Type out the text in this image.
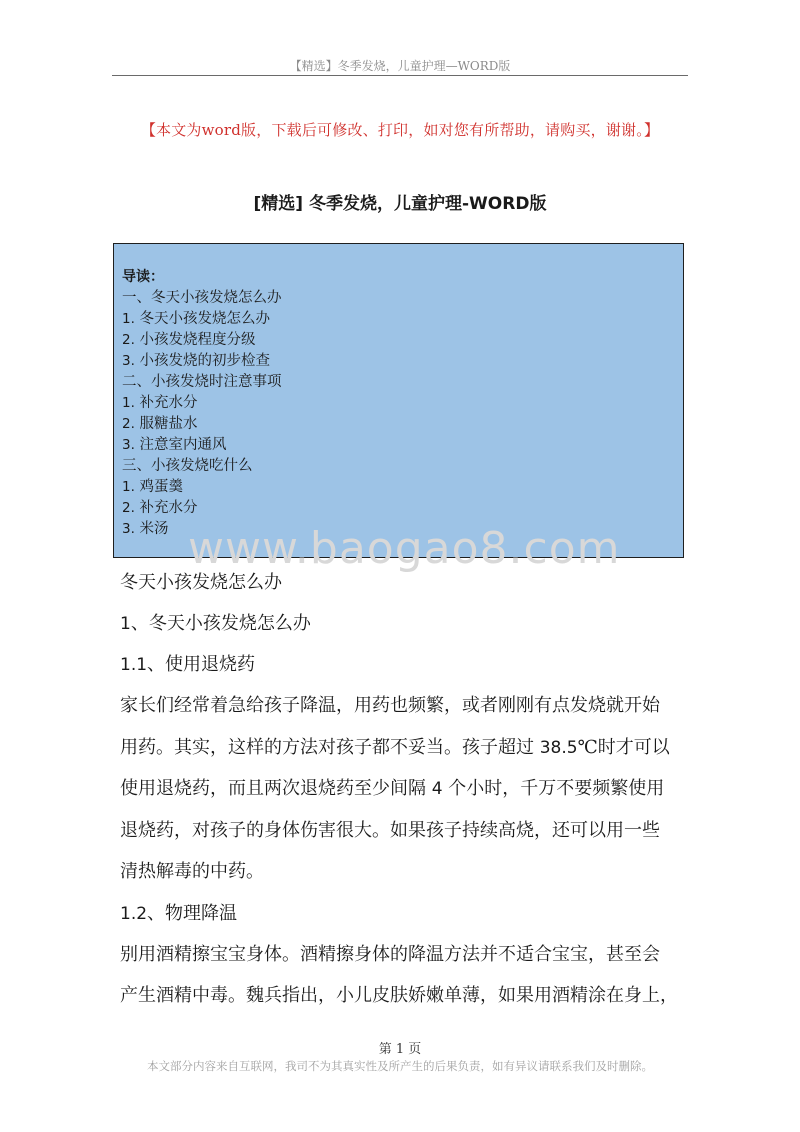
【精选】冬季发烧，儿童护理—WORD版
【本文为word版，下载后可修改、打印，如对您有所帮助，请购买，谢谢。】
[精选] 冬季发烧，儿童护理-WORD版
导读：
一、冬天小孩发烧怎么办
1. 冬天小孩发烧怎么办
2. 小孩发烧程度分级
3. 小孩发烧的初步检查
二、小孩发烧时注意事项
1. 补充水分
2. 服糖盐水
3. 注意室内通风
三、小孩发烧吃什么
1. 鸡蛋羹
2. 补充水分
3. 米汤 www.baogao8.com
冬天小孩发烧怎么办
1、冬天小孩发烧怎么办
1.1、使用退烧药
家长们经常着急给孩子降温，用药也频繁，或者刚刚有点发烧就开始
用药。其实，这样的方法对孩子都不妥当。孩子超过 38.5℃时才可以
使用退烧药，而且两次退烧药至少间隔 4 个小时，千万不要频繁使用
退烧药，对孩子的身体伤害很大。如果孩子持续高烧，还可以用一些
清热解毒的中药。
1.2、物理降温
别用酒精擦宝宝身体。酒精擦身体的降温方法并不适合宝宝，甚至会
产生酒精中毒。魏兵指出，小儿皮肤娇嫩单薄，如果用酒精涂在身上，
第 1 页
本文部分内容来自互联网，我司不为其真实性及所产生的后果负责，如有异议请联系我们及时删除。
